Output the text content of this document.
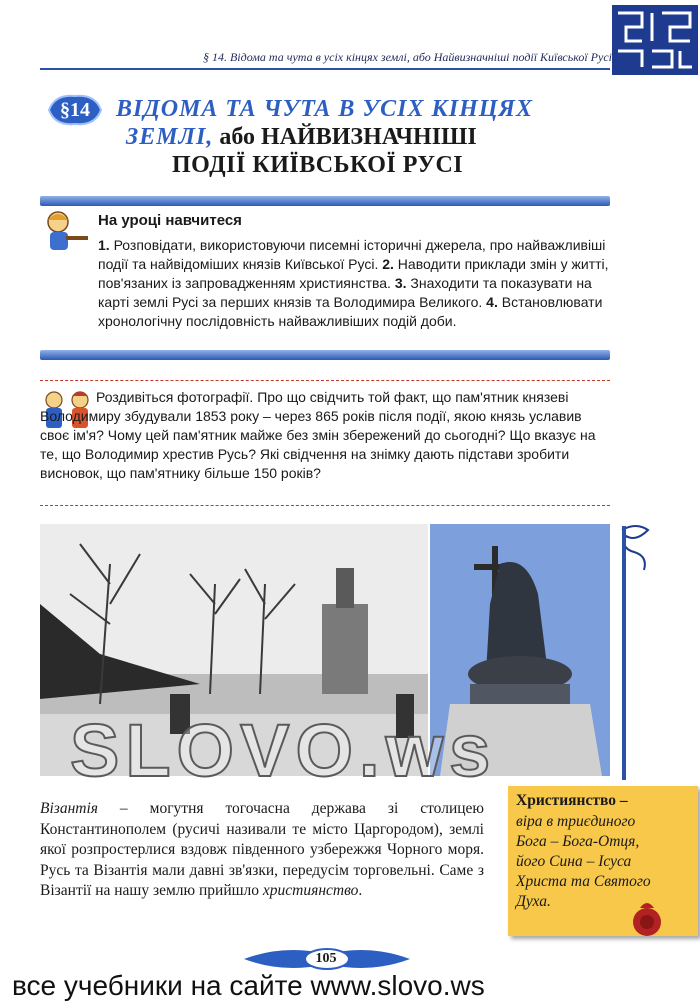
§ 14. Відома та чута в усіх кінцях землі, або Найвизначніші події Київської Русі
§14	ВІДОМА ТА ЧУТА В УСІХ КІНЦЯХ
ЗЕМЛІ, або НАЙВИЗНАЧНІШІ
ПОДІЇ КИЇВСЬКОЇ РУСІ
На уроці навчитеся
1. Розповідати, використовуючи писемні історичні джерела, про найважливіші події та найвідоміших князів Київської Русі. 2. Наводити приклади змін у житті, пов'язаних із запровадженням християнства. 3. Знаходити та показувати на карті землі Русі за перших князів та Володимира Великого. 4. Встановлювати хронологічну послідовність найважливіших подій доби.
Роздивіться фотографії. Про що свідчить той факт, що пам'ятник князеві Володимиру збудували 1853 року – через 865 років після події, якою князь уславив своє ім'я? Чому цей пам'ятник майже без змін збережений до сьогодні? Що вказує на те, що Володимир хрестив Русь? Які свідчення на знімку дають підстави зробити висновок, що пам'ятнику більше 150 років?
SLOVO.ws
Візантія – могутня тогочасна держава зі столицею Константинополем (русичі називали те місто Царгородом), землі якої розпростерлися вздовж південного узбережжя Чорного моря. Русь та Візантія мали давні зв'язки, передусім торговельні. Саме з Візантії на нашу землю прийшло християнство.
Християнство –
віра в триєдиного Бога – Бога-Отця, його Сина – Ісуса Христа та Святого Духа.
105
все учебники на сайте www.slovo.ws
